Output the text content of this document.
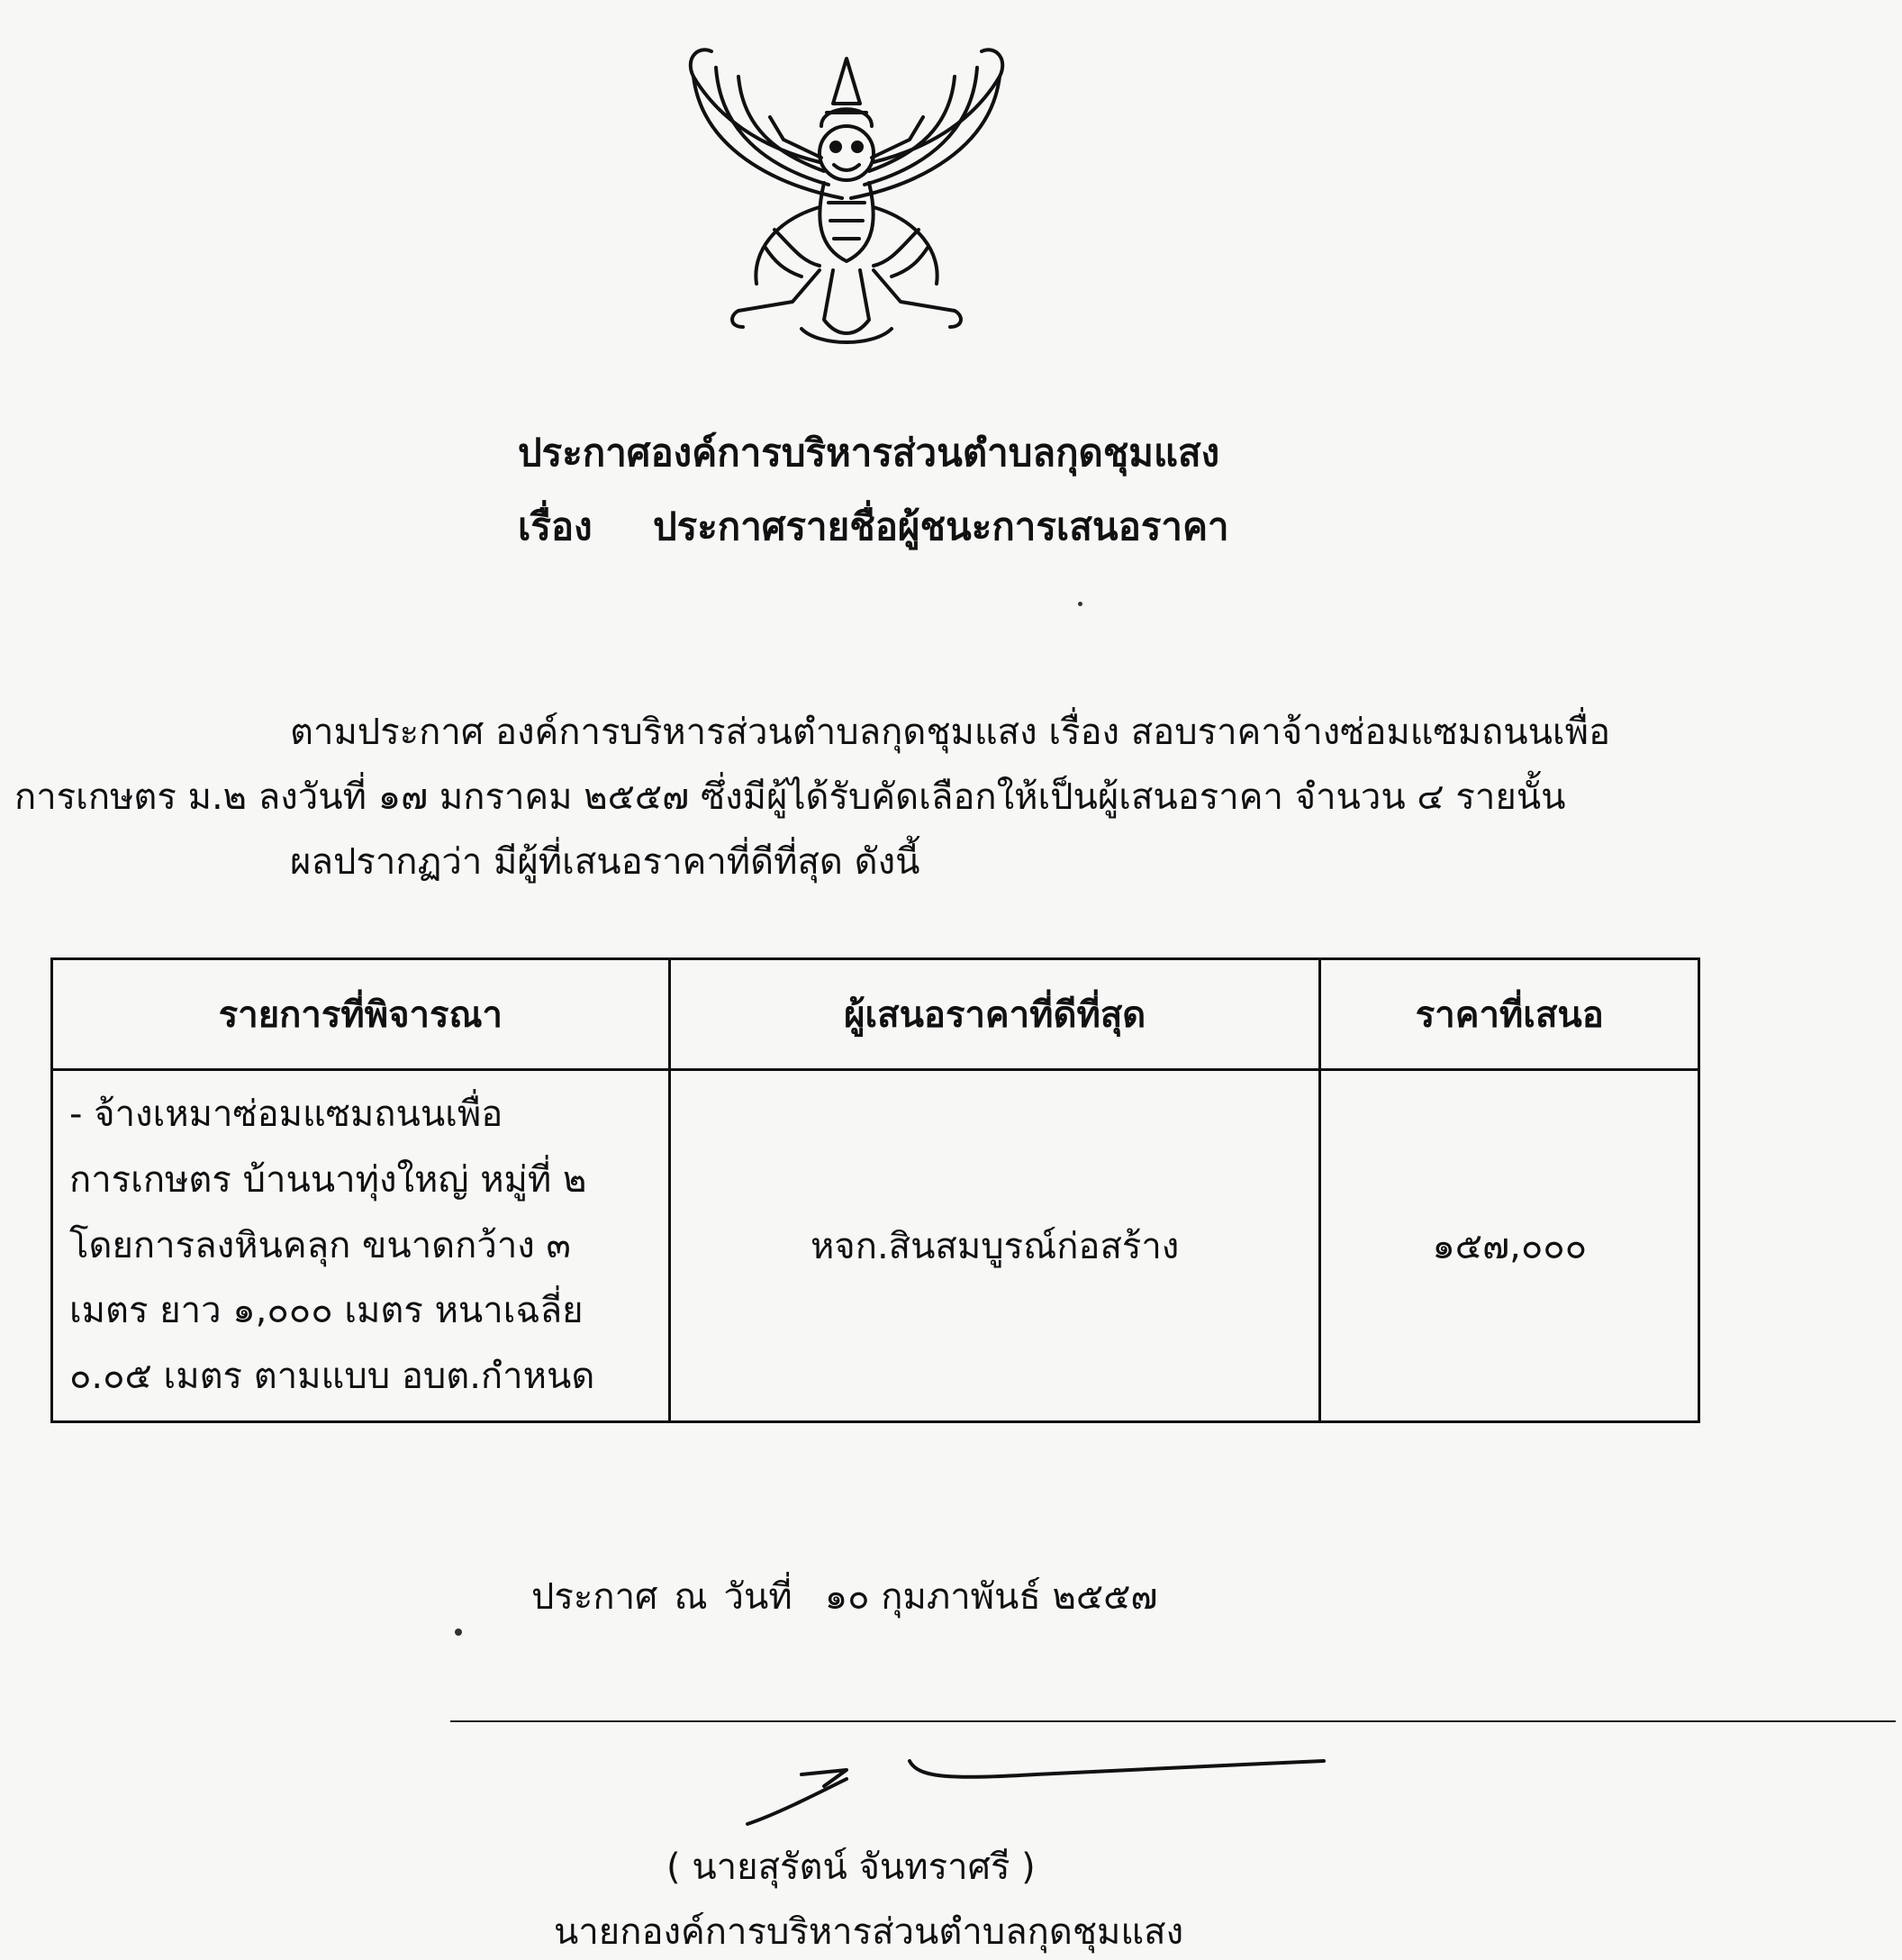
ประกาศองค์การบริหารส่วนตำบลกุดชุมแสง
เรื่อง ประกาศรายชื่อผู้ชนะการเสนอราคา
ตามประกาศ องค์การบริหารส่วนตำบลกุดชุมแสง เรื่อง สอบราคาจ้างซ่อมแซมถนนเพื่อ
การเกษตร ม.๒ ลงวันที่ ๑๗ มกราคม ๒๕๕๗ ซึ่งมีผู้ได้รับคัดเลือกให้เป็นผู้เสนอราคา จำนวน ๔ รายนั้น
ผลปรากฏว่า มีผู้ที่เสนอราคาที่ดีที่สุด ดังนี้
รายการที่พิจารณา	ผู้เสนอราคาที่ดีที่สุด	ราคาที่เสนอ

- จ้างเหมาซ่อมแซมถนนเพื่อ
การเกษตร บ้านนาทุ่งใหญ่ หมู่ที่ ๒
โดยการลงหินคลุก ขนาดกว้าง ๓
เมตร ยาว ๑,๐๐๐ เมตร หนาเฉลี่ย
๐.๐๕ เมตร ตามแบบ อบต.กำหนด	หจก.สินสมบูรณ์ก่อสร้าง	๑๕๗,๐๐๐
ประกาศ ณ วันที่ ๑๐ กุมภาพันธ์ ๒๕๕๗
( นายสุรัตน์ จันทราศรี )
นายกองค์การบริหารส่วนตำบลกุดชุมแสง
